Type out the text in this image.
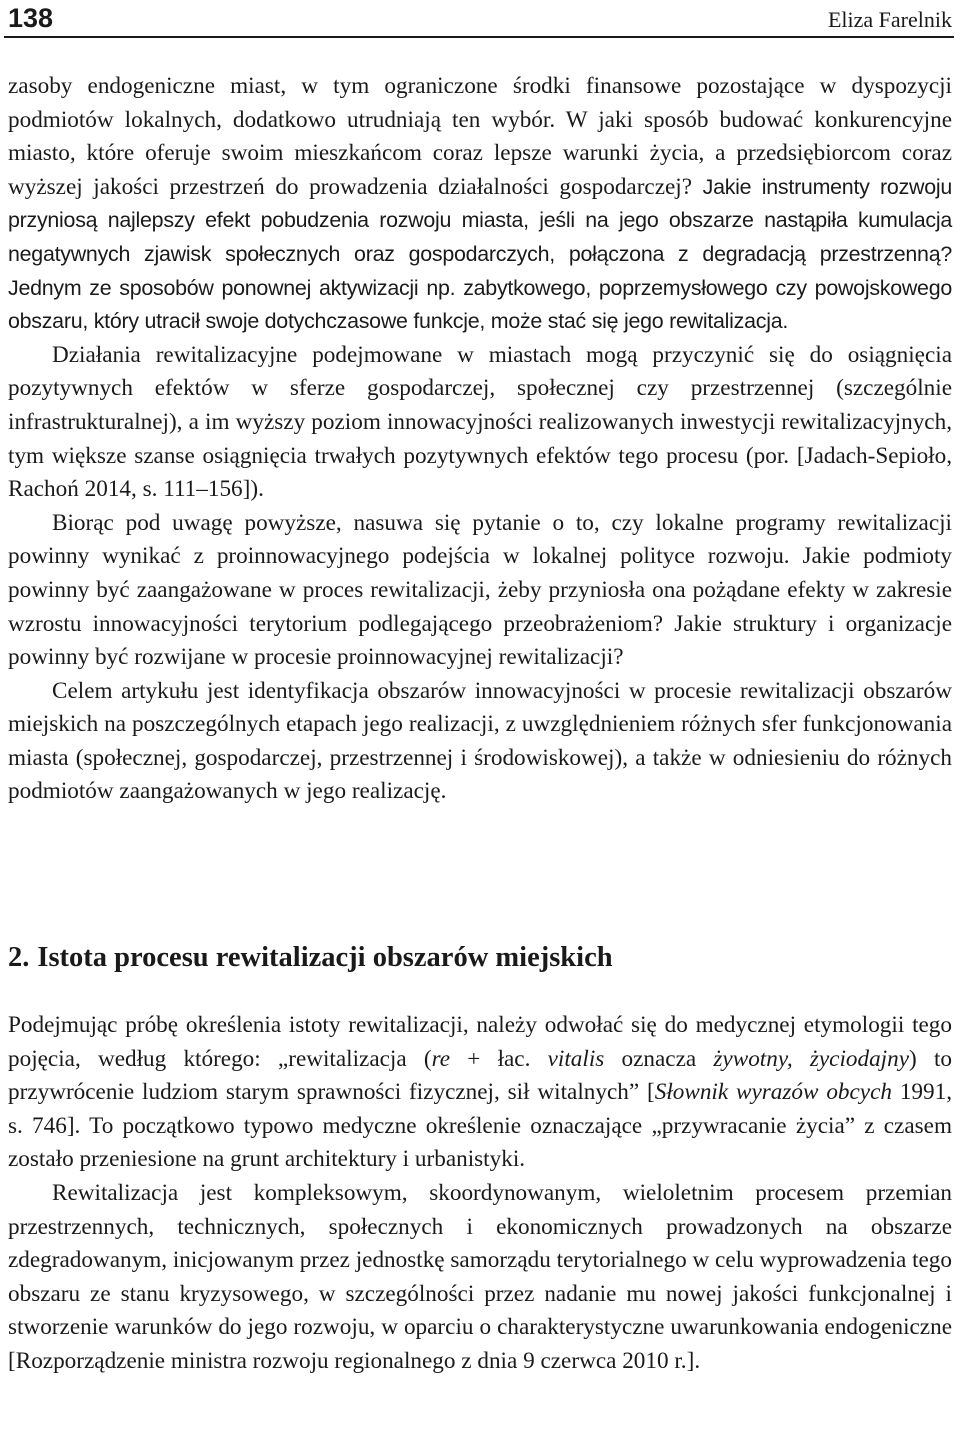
138	Eliza Farelnik

zasoby endogeniczne miast, w tym ograniczone środki finansowe pozostające w dyspozycji podmiotów lokalnych, dodatkowo utrudniają ten wybór. W jaki sposób budować konkurencyjne miasto, które oferuje swoim mieszkańcom coraz lepsze warunki życia, a przedsiębiorcom coraz wyższej jakości przestrzeń do prowadzenia działalności gospodarczej? Jakie instrumenty rozwoju przyniosą najlepszy efekt pobudzenia rozwoju miasta, jeśli na jego obszarze nastąpiła kumulacja negatywnych zjawisk społecznych oraz gospodarczych, połączona z degradacją przestrzenną? Jednym ze sposobów ponownej aktywizacji np. zabytkowego, poprzemysłowego czy powojskowego obszaru, który utracił swoje dotychczasowe funkcje, może stać się jego rewitalizacja.

Działania rewitalizacyjne podejmowane w miastach mogą przyczynić się do osiągnięcia pozytywnych efektów w sferze gospodarczej, społecznej czy przestrzennej (szczególnie infrastrukturalnej), a im wyższy poziom innowacyjności realizowanych inwestycji rewitalizacyjnych, tym większe szanse osiągnięcia trwałych pozytywnych efektów tego procesu (por. [Jadach-Sepioło, Rachoń 2014, s. 111–156]).

Biorąc pod uwagę powyższe, nasuwa się pytanie o to, czy lokalne programy rewitalizacji powinny wynikać z proinnowacyjnego podejścia w lokalnej polityce rozwoju. Jakie podmioty powinny być zaangażowane w proces rewitalizacji, żeby przyniosła ona pożądane efekty w zakresie wzrostu innowacyjności terytorium podlegającego przeobrażeniom? Jakie struktury i organizacje powinny być rozwijane w procesie proinnowacyjnej rewitalizacji?

Celem artykułu jest identyfikacja obszarów innowacyjności w procesie rewitalizacji obszarów miejskich na poszczególnych etapach jego realizacji, z uwzględnieniem różnych sfer funkcjonowania miasta (społecznej, gospodarczej, przestrzennej i środowiskowej), a także w odniesieniu do różnych podmiotów zaangażowanych w jego realizację.

2. Istota procesu rewitalizacji obszarów miejskich

Podejmując próbę określenia istoty rewitalizacji, należy odwołać się do medycznej etymologii tego pojęcia, według którego: „rewitalizacja (re + łac. vitalis oznacza żywotny, życiodajny) to przywrócenie ludziom starym sprawności fizycznej, sił witalnych” [Słownik wyrazów obcych 1991, s. 746]. To początkowo typowo medyczne określenie oznaczające „przywracanie życia” z czasem zostało przeniesione na grunt architektury i urbanistyki.

Rewitalizacja jest kompleksowym, skoordynowanym, wieloletnim procesem przemian przestrzennych, technicznych, społecznych i ekonomicznych prowadzonych na obszarze zdegradowanym, inicjowanym przez jednostkę samorządu terytorialnego w celu wyprowadzenia tego obszaru ze stanu kryzysowego, w szczególności przez nadanie mu nowej jakości funkcjonalnej i stworzenie warunków do jego rozwoju, w oparciu o charakterystyczne uwarunkowania endogeniczne [Rozporządzenie ministra rozwoju regionalnego z dnia 9 czerwca 2010 r.].
